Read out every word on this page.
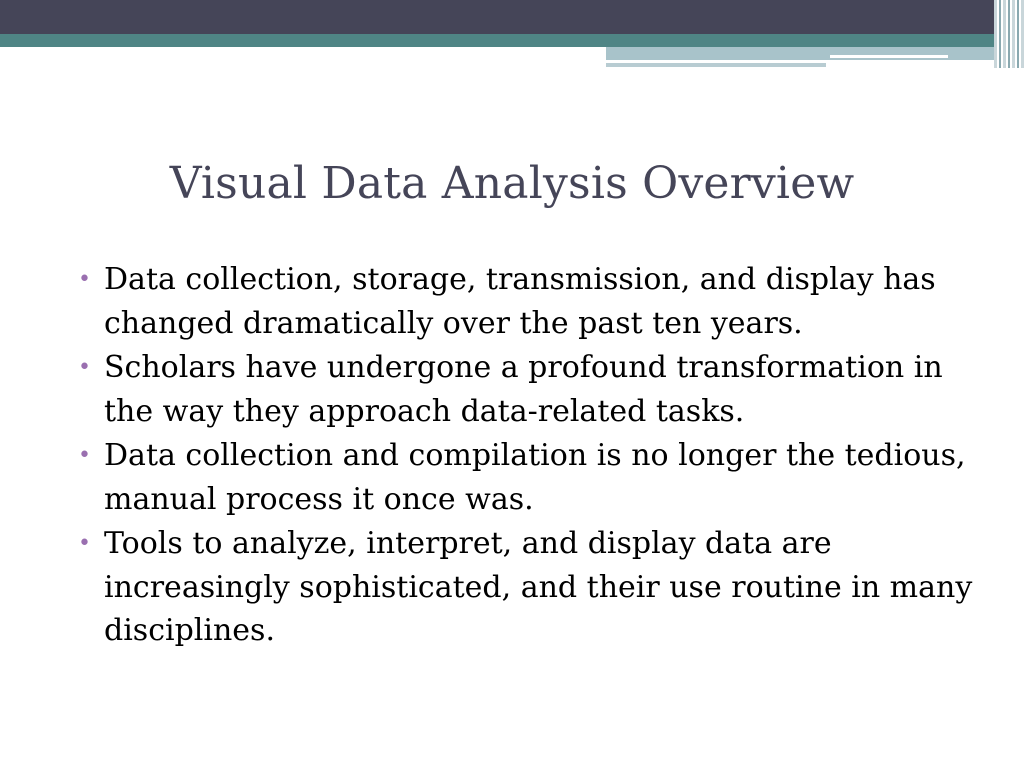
Visual Data Analysis Overview
• Data collection, storage, transmission, and display has changed dramatically over the past ten years.
• Scholars have undergone a profound transformation in the way they approach data-related tasks.
• Data collection and compilation is no longer the tedious, manual process it once was.
• Tools to analyze, interpret, and display data are increasingly sophisticated, and their use routine in many disciplines.
